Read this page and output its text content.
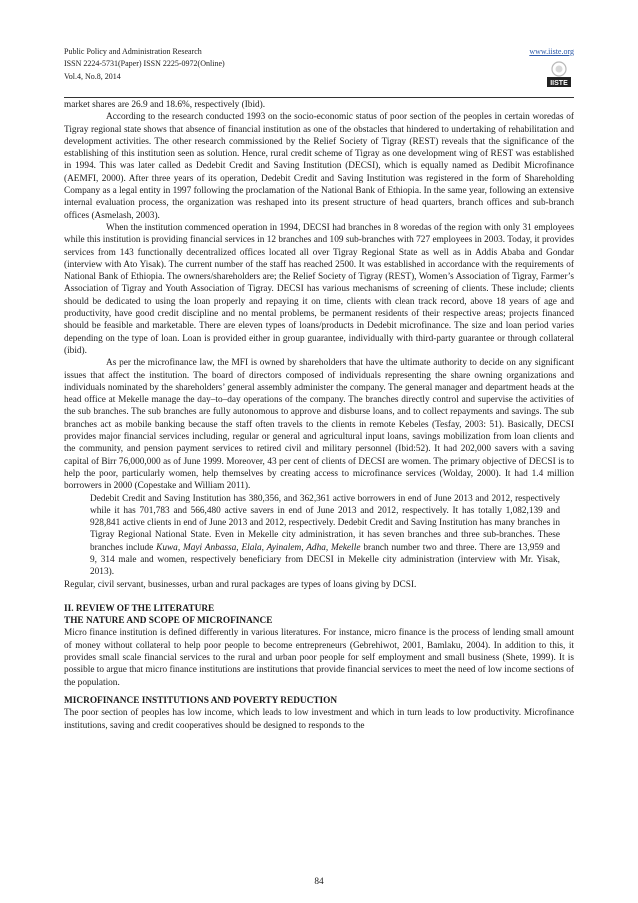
Public Policy and Administration Research
ISSN 2224-5731(Paper) ISSN 2225-0972(Online)
Vol.4, No.8, 2014
www.iiste.org
IISTE

market shares are 26.9 and 18.6%, respectively (Ibid).

According to the research conducted 1993 on the socio-economic status of poor section of the peoples in certain woredas of Tigray regional state shows that absence of financial institution as one of the obstacles that hindered to undertaking of rehabilitation and development activities. The other research commissioned by the Relief Society of Tigray (REST) reveals that the significance of the establishing of this institution seen as solution. Hence, rural credit scheme of Tigray as one development wing of REST was established in 1994. This was later called as Dedebit Credit and Saving Institution (DECSI), which is equally named as Dedibit Microfinance (AEMFI, 2000). After three years of its operation, Dedebit Credit and Saving Institution was registered in the form of Shareholding Company as a legal entity in 1997 following the proclamation of the National Bank of Ethiopia. In the same year, following an extensive internal evaluation process, the organization was reshaped into its present structure of head quarters, branch offices and sub-branch offices (Asmelash, 2003).

When the institution commenced operation in 1994, DECSI had branches in 8 woredas of the region with only 31 employees while this institution is providing financial services in 12 branches and 109 sub-branches with 727 employees in 2003. Today, it provides services from 143 functionally decentralized offices located all over Tigray Regional State as well as in Addis Ababa and Gondar (interview with Ato Yisak). The current number of the staff has reached 2500. It was established in accordance with the requirements of National Bank of Ethiopia. The owners/shareholders are; the Relief Society of Tigray (REST), Women’s Association of Tigray, Farmer’s Association of Tigray and Youth Association of Tigray. DECSI has various mechanisms of screening of clients. These include; clients should be dedicated to using the loan properly and repaying it on time, clients with clean track record, above 18 years of age and productivity, have good credit discipline and no mental problems, be permanent residents of their respective areas; projects financed should be feasible and marketable. There are eleven types of loans/products in Dedebit microfinance. The size and loan period varies depending on the type of loan. Loan is provided either in group guarantee, individually with third-party guarantee or through collateral (ibid).

As per the microfinance law, the MFI is owned by shareholders that have the ultimate authority to decide on any significant issues that affect the institution. The board of directors composed of individuals representing the share owning organizations and individuals nominated by the shareholders’ general assembly administer the company. The general manager and department heads at the head office at Mekelle manage the day–to–day operations of the company. The branches directly control and supervise the activities of the sub branches. The sub branches are fully autonomous to approve and disburse loans, and to collect repayments and savings. The sub branches act as mobile banking because the staff often travels to the clients in remote Kebeles (Tesfay, 2003: 51). Basically, DECSI provides major financial services including, regular or general and agricultural input loans, savings mobilization from loan clients and the community, and pension payment services to retired civil and military personnel (Ibid:52). It had 202,000 savers with a saving capital of Birr 76,000,000 as of June 1999. Moreover, 43 per cent of clients of DECSI are women. The primary objective of DECSI is to help the poor, particularly women, help themselves by creating access to microfinance services (Wolday, 2000). It had 1.4 million borrowers in 2000 (Copestake and William 2011).

Dedebit Credit and Saving Institution has 380,356, and 362,361 active borrowers in end of June 2013 and 2012, respectively while it has 701,783 and 566,480 active savers in end of June 2013 and 2012, respectively. It has totally 1,082,139 and 928,841 active clients in end of June 2013 and 2012, respectively. Dedebit Credit and Saving Institution has many branches in Tigray Regional National State. Even in Mekelle city administration, it has seven branches and three sub-branches. These branches include Kuwa, Mayi Anbassa, Elala, Ayinalem, Adha, Mekelle branch number two and three. There are 13,959 and 9, 314 male and women, respectively beneficiary from DECSI in Mekelle city administration (interview with Mr. Yisak, 2013).

Regular, civil servant, businesses, urban and rural packages are types of loans giving by DCSI.

II. REVIEW OF THE LITERATURE

THE NATURE AND SCOPE OF MICROFINANCE

Micro finance institution is defined differently in various literatures. For instance, micro finance is the process of lending small amount of money without collateral to help poor people to become entrepreneurs (Gebrehiwot, 2001, Bamlaku, 2004). In addition to this, it provides small scale financial services to the rural and urban poor people for self employment and small business (Shete, 1999). It is possible to argue that micro finance institutions are institutions that provide financial services to meet the need of low income sections of the population.

MICROFINANCE INSTITUTIONS AND POVERTY REDUCTION

The poor section of peoples has low income, which leads to low investment and which in turn leads to low productivity. Microfinance institutions, saving and credit cooperatives should be designed to responds to the

84
